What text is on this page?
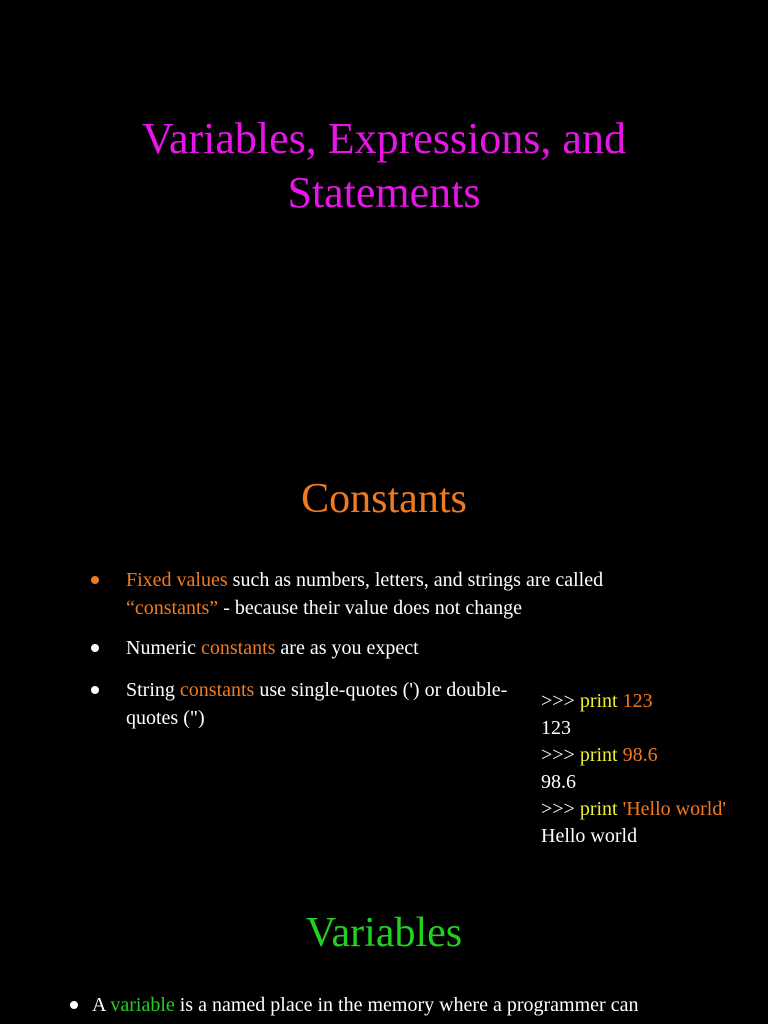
Variables, Expressions, and
Statements
Constants
Fixed values such as numbers, letters, and strings are called “constants” - because their value does not change
Numeric constants are as you expect
String constants use single-quotes (') or double-quotes (")
>>> print 123
123
>>> print 98.6
98.6
>>> print 'Hello world'
Hello world
Variables
A variable is a named place in the memory where a programmer can
